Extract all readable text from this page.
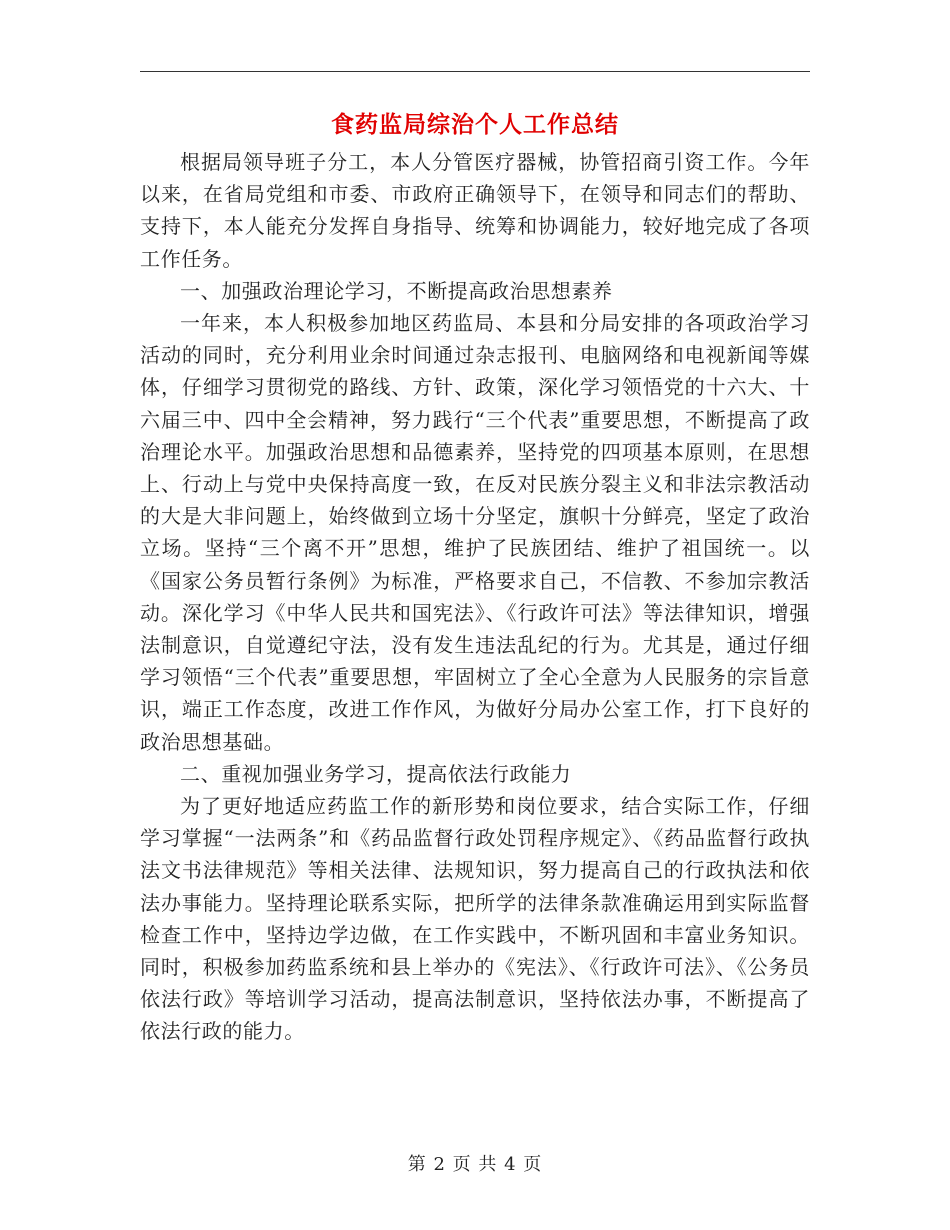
食药监局综治个人工作总结

根据局领导班子分工，本人分管医疗器械，协管招商引资工作。今年以来，在省局党组和市委、市政府正确领导下，在领导和同志们的帮助、支持下，本人能充分发挥自身指导、统筹和协调能力，较好地完成了各项工作任务。

一、加强政治理论学习，不断提高政治思想素养

一年来，本人积极参加地区药监局、本县和分局安排的各项政治学习活动的同时，充分利用业余时间通过杂志报刊、电脑网络和电视新闻等媒体，仔细学习贯彻党的路线、方针、政策，深化学习领悟党的十六大、十六届三中、四中全会精神，努力践行“三个代表”重要思想，不断提高了政治理论水平。加强政治思想和品德素养，坚持党的四项基本原则，在思想上、行动上与党中央保持高度一致，在反对民族分裂主义和非法宗教活动的大是大非问题上，始终做到立场十分坚定，旗帜十分鲜亮，坚定了政治立场。坚持“三个离不开”思想，维护了民族团结、维护了祖国统一。以《国家公务员暂行条例》为标准，严格要求自己，不信教、不参加宗教活动。深化学习《中华人民共和国宪法》、《行政许可法》等法律知识，增强法制意识，自觉遵纪守法，没有发生违法乱纪的行为。尤其是，通过仔细学习领悟“三个代表”重要思想，牢固树立了全心全意为人民服务的宗旨意识，端正工作态度，改进工作作风，为做好分局办公室工作，打下良好的政治思想基础。

二、重视加强业务学习，提高依法行政能力

为了更好地适应药监工作的新形势和岗位要求，结合实际工作，仔细学习掌握“一法两条”和《药品监督行政处罚程序规定》、《药品监督行政执法文书法律规范》等相关法律、法规知识，努力提高自己的行政执法和依法办事能力。坚持理论联系实际，把所学的法律条款准确运用到实际监督检查工作中，坚持边学边做，在工作实践中，不断巩固和丰富业务知识。同时，积极参加药监系统和县上举办的《宪法》、《行政许可法》、《公务员依法行政》等培训学习活动，提高法制意识，坚持依法办事，不断提高了依法行政的能力。

第 2 页 共 4 页
